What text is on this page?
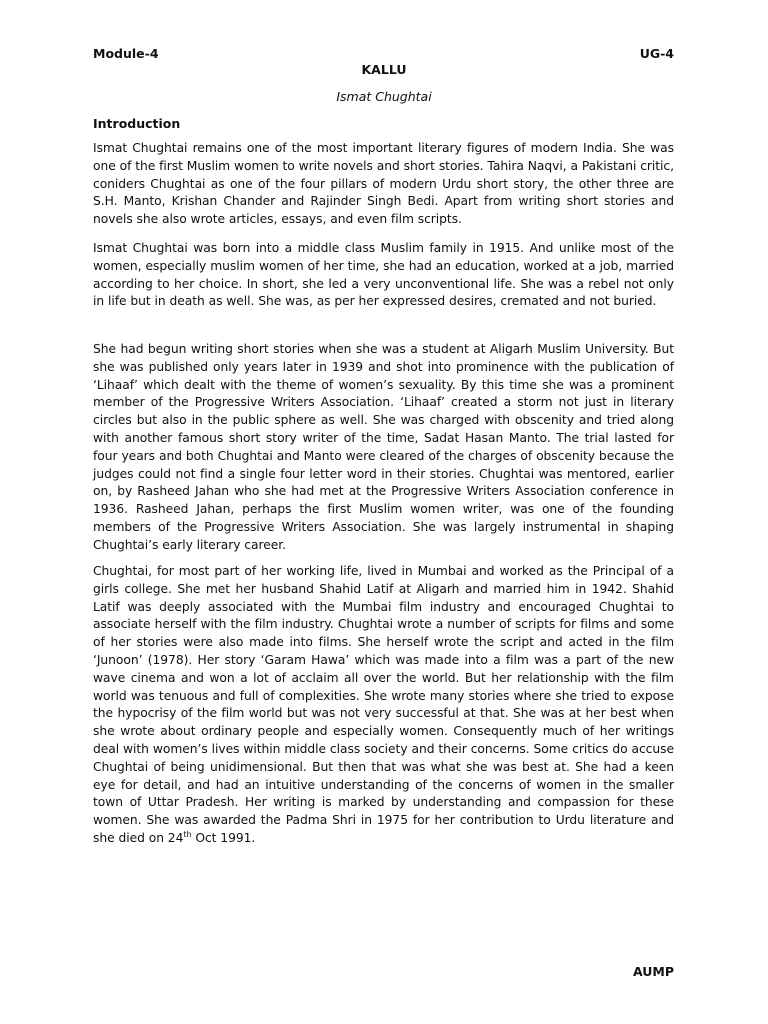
Module-4	UG-4
KALLU
Ismat Chughtai
Introduction

Ismat Chughtai remains one of the most important literary figures of modern India. She was one of the first Muslim women to write novels and short stories. Tahira Naqvi, a Pakistani critic, coniders Chughtai as one of the four pillars of modern Urdu short story, the other three are S.H. Manto, Krishan Chander and Rajinder Singh Bedi. Apart from writing short stories and novels she also wrote articles, essays, and even film scripts.

Ismat Chughtai was born into a middle class Muslim family in 1915. And unlike most of the women, especially muslim women of her time, she had an education, worked at a job, married according to her choice. In short, she led a very unconventional life. She was a rebel not only in life but in death as well. She was, as per her expressed desires, cremated and not buried.

She had begun writing short stories when she was a student at Aligarh Muslim University. But she was published only years later in 1939 and shot into prominence with the publication of ‘Lihaaf’ which dealt with the theme of women’s sexuality. By this time she was a prominent member of the Progressive Writers Association. ‘Lihaaf’ created a storm not just in literary circles but also in the public sphere as well. She was charged with obscenity and tried along with another famous short story writer of the time, Sadat Hasan Manto. The trial lasted for four years and both Chughtai and Manto were cleared of the charges of obscenity because the judges could not find a single four letter word in their stories. Chughtai was mentored, earlier on, by Rasheed Jahan who she had met at the Progressive Writers Association conference in 1936. Rasheed Jahan, perhaps the first Muslim women writer, was one of the founding members of the Progressive Writers Association. She was largely instrumental in shaping Chughtai’s early literary career.

Chughtai, for most part of her working life, lived in Mumbai and worked as the Principal of a girls college. She met her husband Shahid Latif at Aligarh and married him in 1942. Shahid Latif was deeply associated with the Mumbai film industry and encouraged Chughtai to associate herself with the film industry. Chughtai wrote a number of scripts for films and some of her stories were also made into films. She herself wrote the script and acted in the film ‘Junoon’ (1978). Her story ‘Garam Hawa’ which was made into a film was a part of the new wave cinema and won a lot of acclaim all over the world. But her relationship with the film world was tenuous and full of complexities. She wrote many stories where she tried to expose the hypocrisy of the film world but was not very successful at that. She was at her best when she wrote about ordinary people and especially women. Consequently much of her writings deal with women’s lives within middle class society and their concerns. Some critics do accuse Chughtai of being unidimensional. But then that was what she was best at. She had a keen eye for detail, and had an intuitive understanding of the concerns of women in the smaller town of Uttar Pradesh. Her writing is marked by understanding and compassion for these women. She was awarded the Padma Shri in 1975 for her contribution to Urdu literature and she died on 24th Oct 1991.

AUMP
